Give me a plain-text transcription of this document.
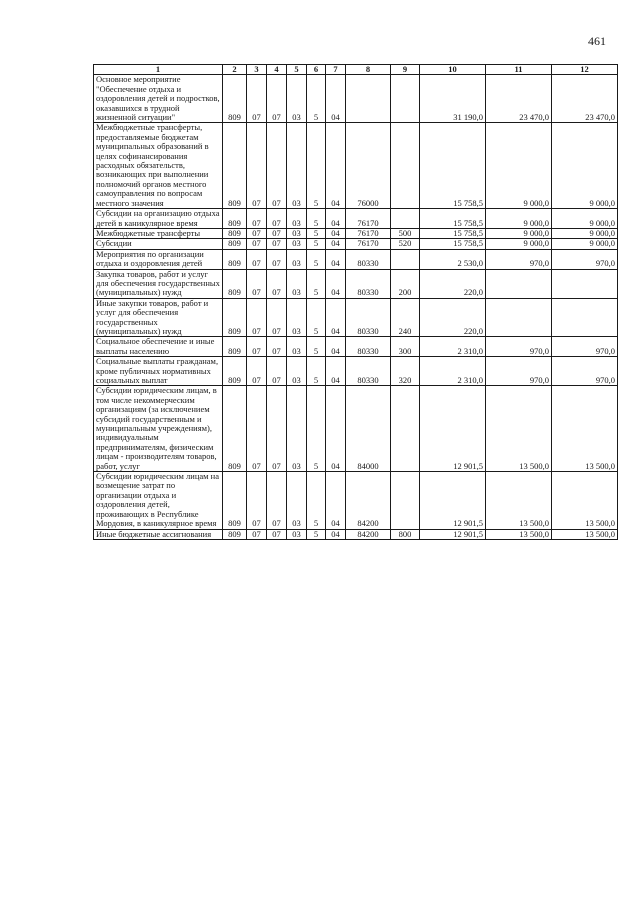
461
1	2	3	4	5	6	7	8	9	10	11	12
Основное мероприятие "Обеспечение отдыха и оздоровления детей и подростков, оказавшихся в трудной жизненной ситуации"	809	07	07	03	5	04			31 190,0	23 470,0	23 470,0
Межбюджетные трансферты, предоставляемые бюджетам муниципальных образований в целях софинансирования расходных обязательств, возникающих при выполнении полномочий органов местного самоуправления по вопросам местного значения	809	07	07	03	5	04	76000		15 758,5	9 000,0	9 000,0
Субсидии на организацию отдыха детей в каникулярное время	809	07	07	03	5	04	76170		15 758,5	9 000,0	9 000,0
Межбюджетные трансферты	809	07	07	03	5	04	76170	500	15 758,5	9 000,0	9 000,0
Субсидии	809	07	07	03	5	04	76170	520	15 758,5	9 000,0	9 000,0
Мероприятия по организации отдыха и оздоровления детей	809	07	07	03	5	04	80330		2 530,0	970,0	970,0
Закупка товаров, работ и услуг для обеспечения государственных (муниципальных) нужд	809	07	07	03	5	04	80330	200	220,0		
Иные закупки товаров, работ и услуг для обеспечения государственных (муниципальных) нужд	809	07	07	03	5	04	80330	240	220,0		
Социальное обеспечение и иные выплаты населению	809	07	07	03	5	04	80330	300	2 310,0	970,0	970,0
Социальные выплаты гражданам, кроме публичных нормативных социальных выплат	809	07	07	03	5	04	80330	320	2 310,0	970,0	970,0
Субсидии юридическим лицам, в том числе некоммерческим организациям (за исключением субсидий государственным и муниципальным учреждениям), индивидуальным предпринимателям, физическим лицам - производителям товаров, работ, услуг	809	07	07	03	5	04	84000		12 901,5	13 500,0	13 500,0
Субсидии юридическим лицам на возмещение затрат по организации отдыха и оздоровления детей, проживающих в Республике Мордовия, в каникулярное время	809	07	07	03	5	04	84200		12 901,5	13 500,0	13 500,0
Иные бюджетные ассигнования	809	07	07	03	5	04	84200	800	12 901,5	13 500,0	13 500,0
